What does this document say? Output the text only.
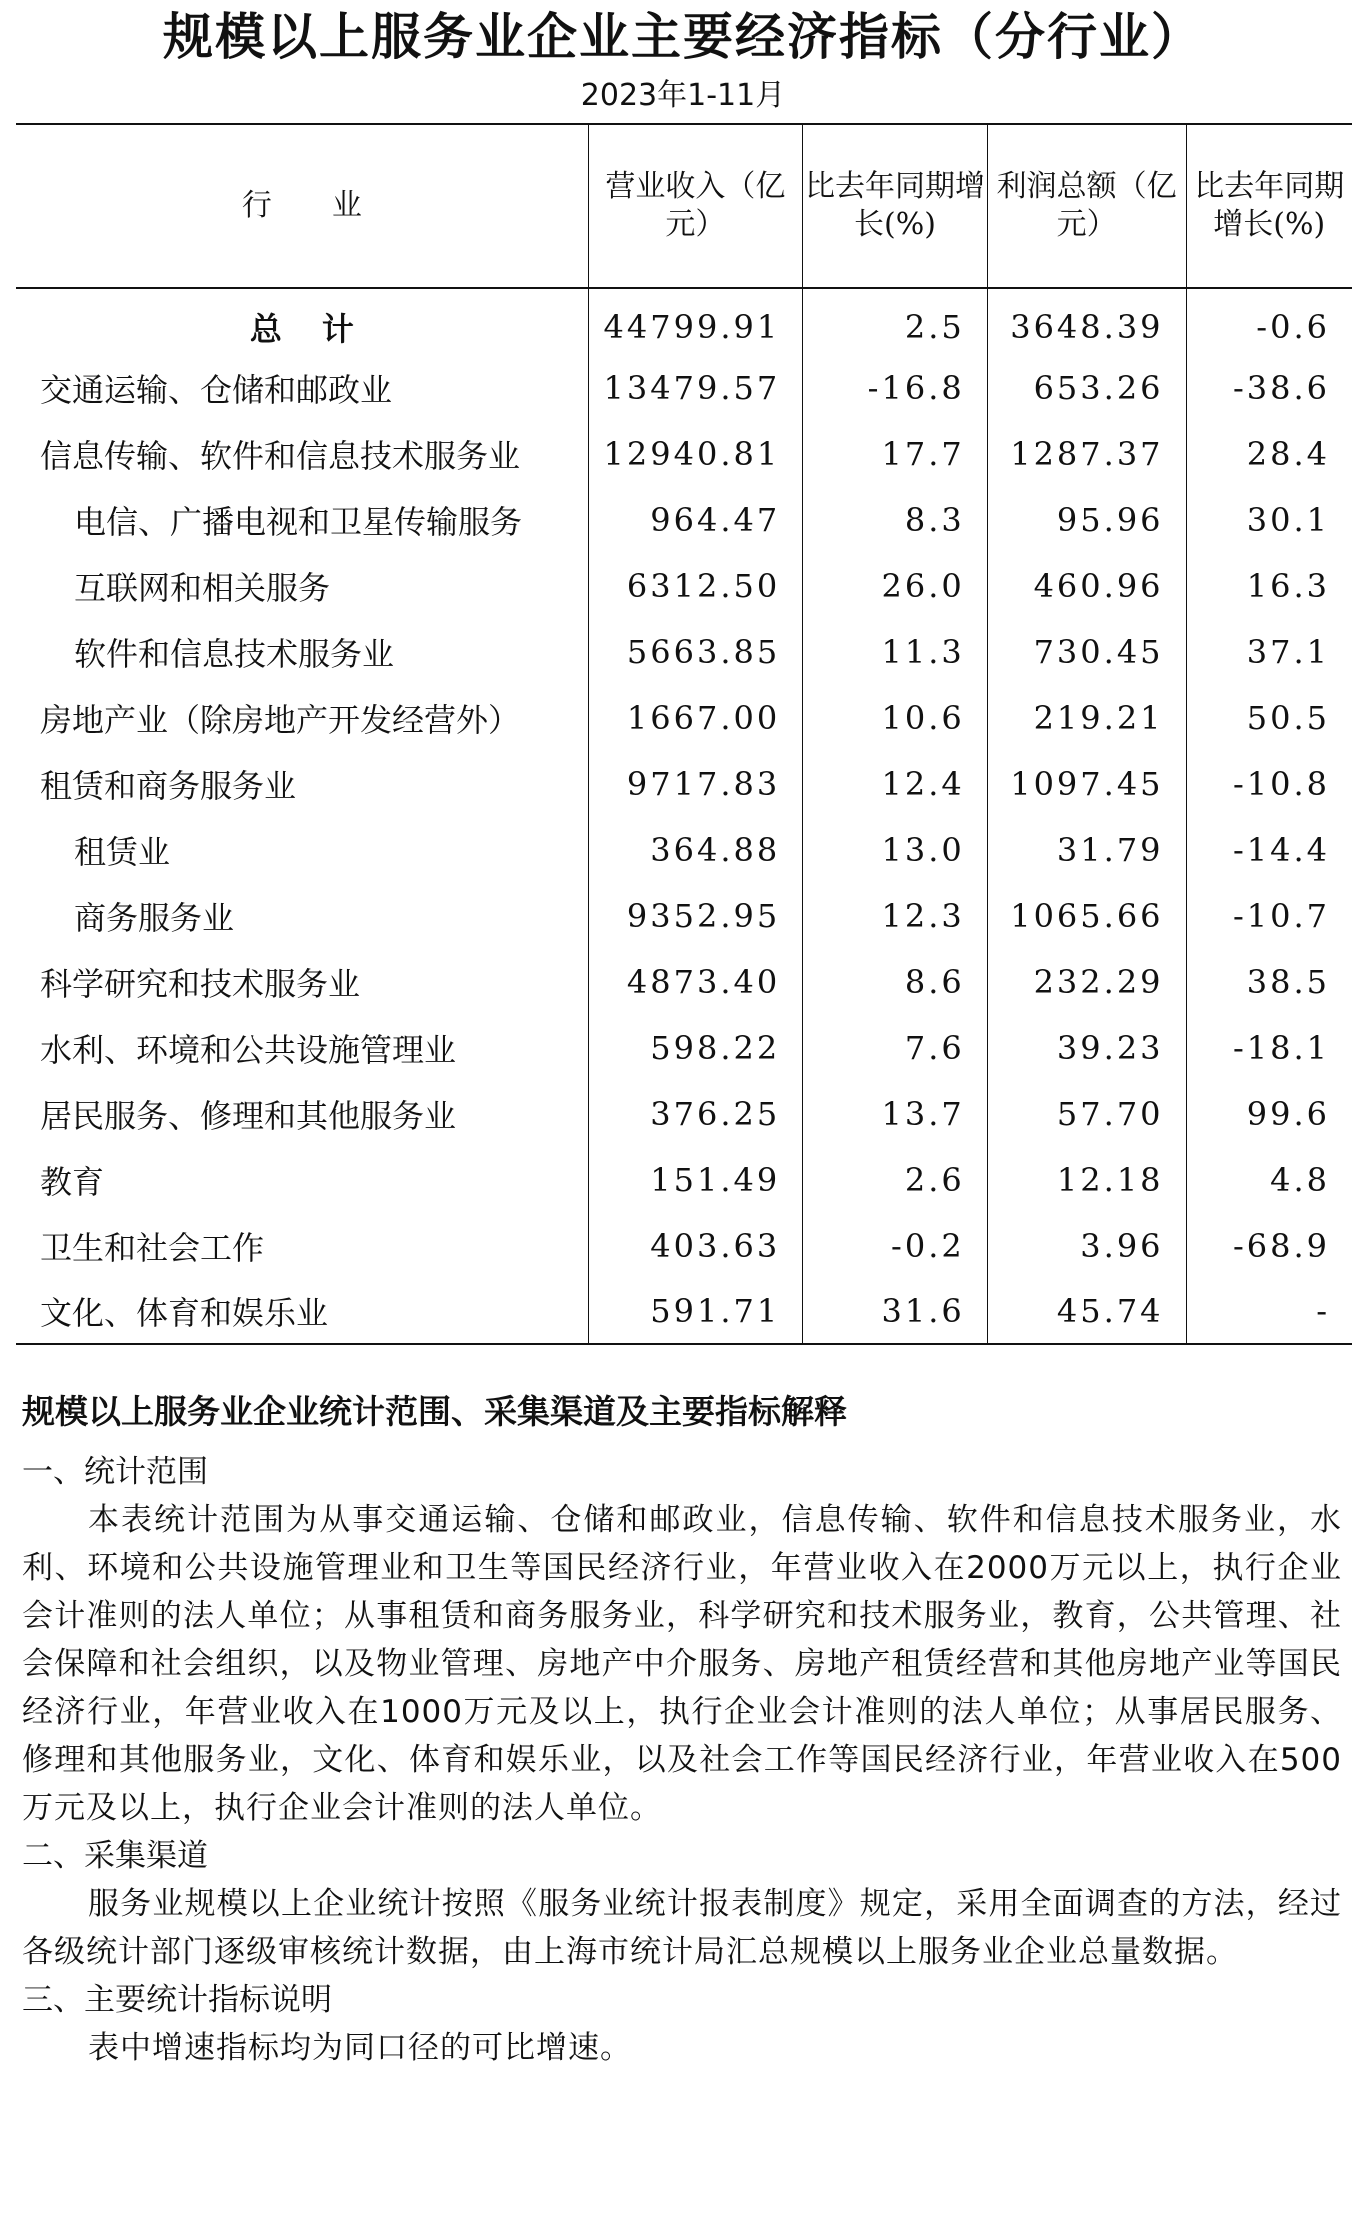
规模以上服务业企业主要经济指标（分行业）
2023年1-11月
行　　业	营业收入（亿元）	比去年同期增长(%)	利润总额（亿元）	比去年同期增长(%)
总计	44799.91	2.5	3648.39	-0.6
交通运输、仓储和邮政业	13479.57	-16.8	653.26	-38.6
信息传输、软件和信息技术服务业	12940.81	17.7	1287.37	28.4
电信、广播电视和卫星传输服务	964.47	8.3	95.96	30.1
互联网和相关服务	6312.50	26.0	460.96	16.3
软件和信息技术服务业	5663.85	11.3	730.45	37.1
房地产业（除房地产开发经营外）	1667.00	10.6	219.21	50.5
租赁和商务服务业	9717.83	12.4	1097.45	-10.8
租赁业	364.88	13.0	31.79	-14.4
商务服务业	9352.95	12.3	1065.66	-10.7
科学研究和技术服务业	4873.40	8.6	232.29	38.5
水利、环境和公共设施管理业	598.22	7.6	39.23	-18.1
居民服务、修理和其他服务业	376.25	13.7	57.70	99.6
教育	151.49	2.6	12.18	4.8
卫生和社会工作	403.63	-0.2	3.96	-68.9
文化、体育和娱乐业	591.71	31.6	45.74	-
规模以上服务业企业统计范围、采集渠道及主要指标解释
一、统计范围

本表统计范围为从事交通运输、仓储和邮政业，信息传输、软件和信息技术服务业，水利、环境和公共设施管理业和卫生等国民经济行业，年营业收入在2000万元以上，执行企业会计准则的法人单位；从事租赁和商务服务业，科学研究和技术服务业，教育，公共管理、社会保障和社会组织，以及物业管理、房地产中介服务、房地产租赁经营和其他房地产业等国民经济行业，年营业收入在1000万元及以上，执行企业会计准则的法人单位；从事居民服务、修理和其他服务业，文化、体育和娱乐业，以及社会工作等国民经济行业，年营业收入在500万元及以上，执行企业会计准则的法人单位。

二、采集渠道

服务业规模以上企业统计按照《服务业统计报表制度》规定，采用全面调查的方法，经过各级统计部门逐级审核统计数据，由上海市统计局汇总规模以上服务业企业总量数据。

三、主要统计指标说明

表中增速指标均为同口径的可比增速。
